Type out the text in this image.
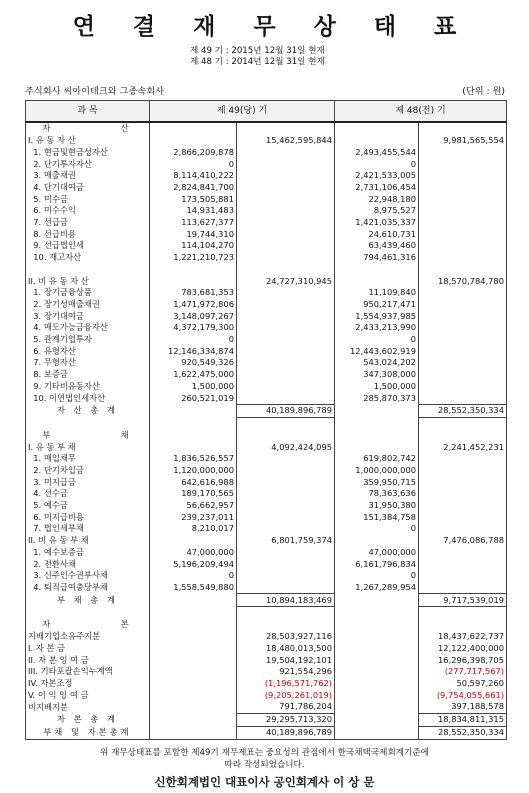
연 결 재 무 상 태 표
제 49 기 : 2015년 12월 31일 현재
제 48 기 : 2014년 12월 31일 현재
주식회사 씨아이테크와 그종속회사	(단위 : 원)
과 목	제 49(당) 기		제 48(전) 기	
자          산				
I. 유 동 자 산		15,462,595,844		9,981,565,554
1. 현금및현금성자산	2,866,209,878		2,493,455,544	
2. 단기투자자산	0		0	
3. 매출채권	8,114,410,222		2,421,533,005	
4. 단기대여금	2,824,841,700		2,731,106,454	
5. 미수금	173,505,881		22,948,180	
6. 미수수익	14,931,483		8,975,527	
7. 선급금	113,627,377		1,421,035,337	
8. 선급비용	19,744,310		24,610,731	
9. 선급법인세	114,104,270		63,439,460	
10. 재고자산	1,221,210,723		794,461,316	

II. 비 유 동 자 산		24,727,310,945		18,570,784,780
1. 장기금융상품	783,681,353		11,109,840	
2. 장기성매출채권	1,471,972,806		950,217,471	
3. 장기대여금	3,148,097,267		1,554,937,985	
4. 매도가능금융자산	4,372,179,300		2,433,213,990	
5. 관계기업투자	0		0	
6. 유형자산	12,146,334,874		12,443,602,919	
7. 무형자산	920,549,326		543,024,202	
8. 보증금	1,622,475,000		347,308,000	
9. 기타비유동자산	1,500,000		1,500,000	
10. 이연법인세자산	260,521,019		285,870,373	
자 산 총 계		40,189,896,789		28,552,350,334

부          채				
I. 유 동 부 채		4,092,424,095		2,241,452,231
1. 매입채무	1,836,526,557		619,802,742	
2. 단기차입금	1,120,000,000		1,000,000,000	
3. 미지급금	642,616,988		359,950,715	
4. 선수금	189,170,565		78,363,636	
5. 예수금	56,662,957		31,950,380	
6. 미지급비용	239,237,011		151,384,758	
7. 법인세부채	8,210,017		0	
II. 비 유 동 부 채		6,801,759,374		7,476,086,788
1. 예수보증금	47,000,000		47,000,000	
2. 전환사채	5,196,209,494		6,161,796,834	
3. 신주인수권부사채	0		0	
4. 퇴직급여충당부채	1,558,549,880		1,267,289,954	
부 채 총 계		10,894,183,469		9,717,539,019

자          본				
지배기업소유주지분		28,503,927,116		18,437,622,737
I. 자 본 금		18,480,013,500		12,122,400,000
II. 자 본 잉 여 금		19,504,192,101		16,296,398,705
III. 기타포괄손익누계액		921,554,296		(277,717,567)
IV. 자본조정		(1,196,571,762)		50,597,260
V. 이 익 잉 여 금		(9,205,261,019)		(9,754,055,661)
비지배지분		791,786,204		397,188,578
자 본 총 계		29,295,713,320		18,834,811,315
부채 및 자본총계		40,189,896,789		28,552,350,334
위 재무상태표를 포함한 제49기 재무제표는 중요성의 관점에서 한국채택국제회계기준에
따라 작성되었습니다.
신한회계법인 대표이사 공인회계사 이 상 문
